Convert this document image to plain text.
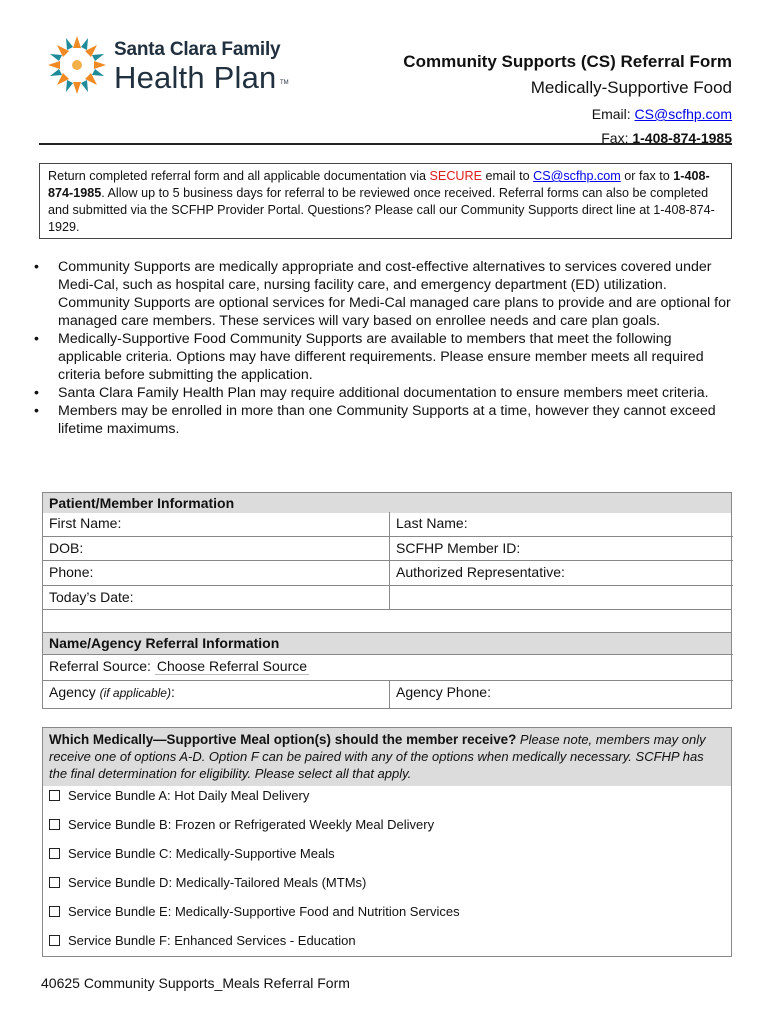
Santa Clara Family
Health Plan TM
Community Supports (CS) Referral Form
Medically-Supportive Food
Email: CS@scfhp.com
Fax: 1-408-874-1985
Return completed referral form and all applicable documentation via SECURE email to CS@scfhp.com or fax to 1-408-874-1985. Allow up to 5 business days for referral to be reviewed once received. Referral forms can also be completed and submitted via the SCFHP Provider Portal. Questions? Please call our Community Supports direct line at 1-408-874-1929.
• Community Supports are medically appropriate and cost-effective alternatives to services covered under Medi-Cal, such as hospital care, nursing facility care, and emergency department (ED) utilization. Community Supports are optional services for Medi-Cal managed care plans to provide and are optional for managed care members. These services will vary based on enrollee needs and care plan goals.
• Medically-Supportive Food Community Supports are available to members that meet the following applicable criteria. Options may have different requirements. Please ensure member meets all required criteria before submitting the application.
• Santa Clara Family Health Plan may require additional documentation to ensure members meet criteria.
• Members may be enrolled in more than one Community Supports at a time, however they cannot exceed lifetime maximums.
Patient/Member Information
First Name:	Last Name:
DOB:	SCFHP Member ID:
Phone:	Authorized Representative:
Today’s Date:
Name/Agency Referral Information
Referral Source: Choose Referral Source
Agency (if applicable):	Agency Phone:
Which Medically—Supportive Meal option(s) should the member receive? Please note, members may only receive one of options A-D. Option F can be paired with any of the options when medically necessary. SCFHP has the final determination for eligibility. Please select all that apply.
Service Bundle A: Hot Daily Meal Delivery
Service Bundle B: Frozen or Refrigerated Weekly Meal Delivery
Service Bundle C: Medically-Supportive Meals
Service Bundle D: Medically-Tailored Meals (MTMs)
Service Bundle E: Medically-Supportive Food and Nutrition Services
Service Bundle F: Enhanced Services - Education
40625 Community Supports_Meals Referral Form
